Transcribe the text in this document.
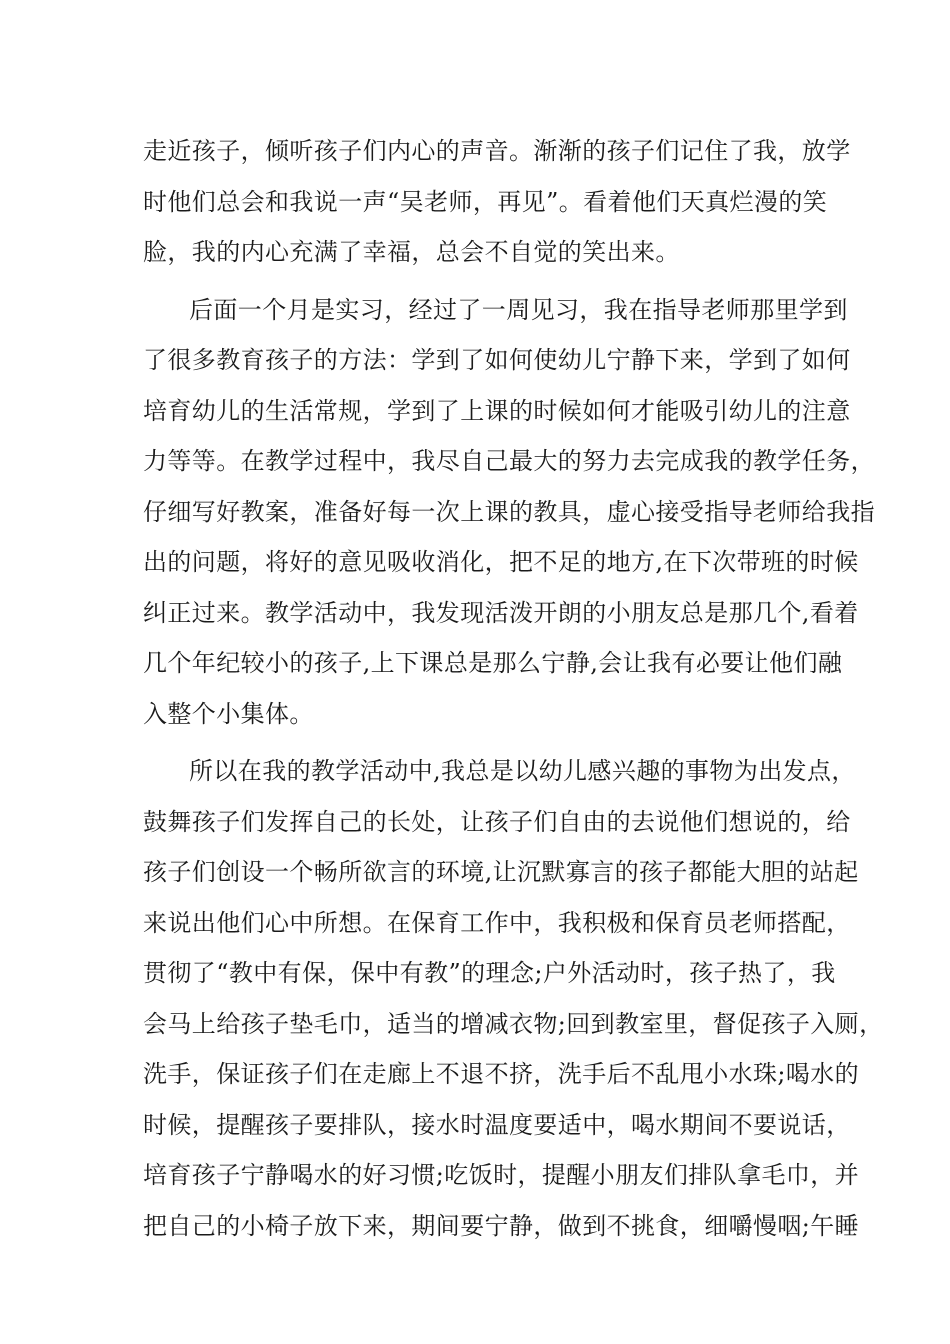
走近孩子，倾听孩子们内心的声音。渐渐的孩子们记住了我，放学
时他们总会和我说一声“吴老师，再见”。看着他们天真烂漫的笑
脸，我的内心充满了幸福，总会不自觉的笑出来。
后面一个月是实习，经过了一周见习，我在指导老师那里学到
了很多教育孩子的方法：学到了如何使幼儿宁静下来，学到了如何
培育幼儿的生活常规，学到了上课的时候如何才能吸引幼儿的注意
力等等。在教学过程中，我尽自己最大的努力去完成我的教学任务，
仔细写好教案，准备好每一次上课的教具，虚心接受指导老师给我指
出的问题，将好的意见吸收消化，把不足的地方,在下次带班的时候
纠正过来。教学活动中，我发现活泼开朗的小朋友总是那几个,看着
几个年纪较小的孩子,上下课总是那么宁静,会让我有必要让他们融
入整个小集体。
所以在我的教学活动中,我总是以幼儿感兴趣的事物为出发点，
鼓舞孩子们发挥自己的长处，让孩子们自由的去说他们想说的，给
孩子们创设一个畅所欲言的环境,让沉默寡言的孩子都能大胆的站起
来说出他们心中所想。在保育工作中，我积极和保育员老师搭配，
贯彻了“教中有保，保中有教”的理念;户外活动时，孩子热了，我
会马上给孩子垫毛巾，适当的增减衣物;回到教室里，督促孩子入厕，
洗手，保证孩子们在走廊上不退不挤，洗手后不乱甩小水珠;喝水的
时候，提醒孩子要排队，接水时温度要适中，喝水期间不要说话，
培育孩子宁静喝水的好习惯;吃饭时，提醒小朋友们排队拿毛巾，并
把自己的小椅子放下来，期间要宁静，做到不挑食，细嚼慢咽;午睡
